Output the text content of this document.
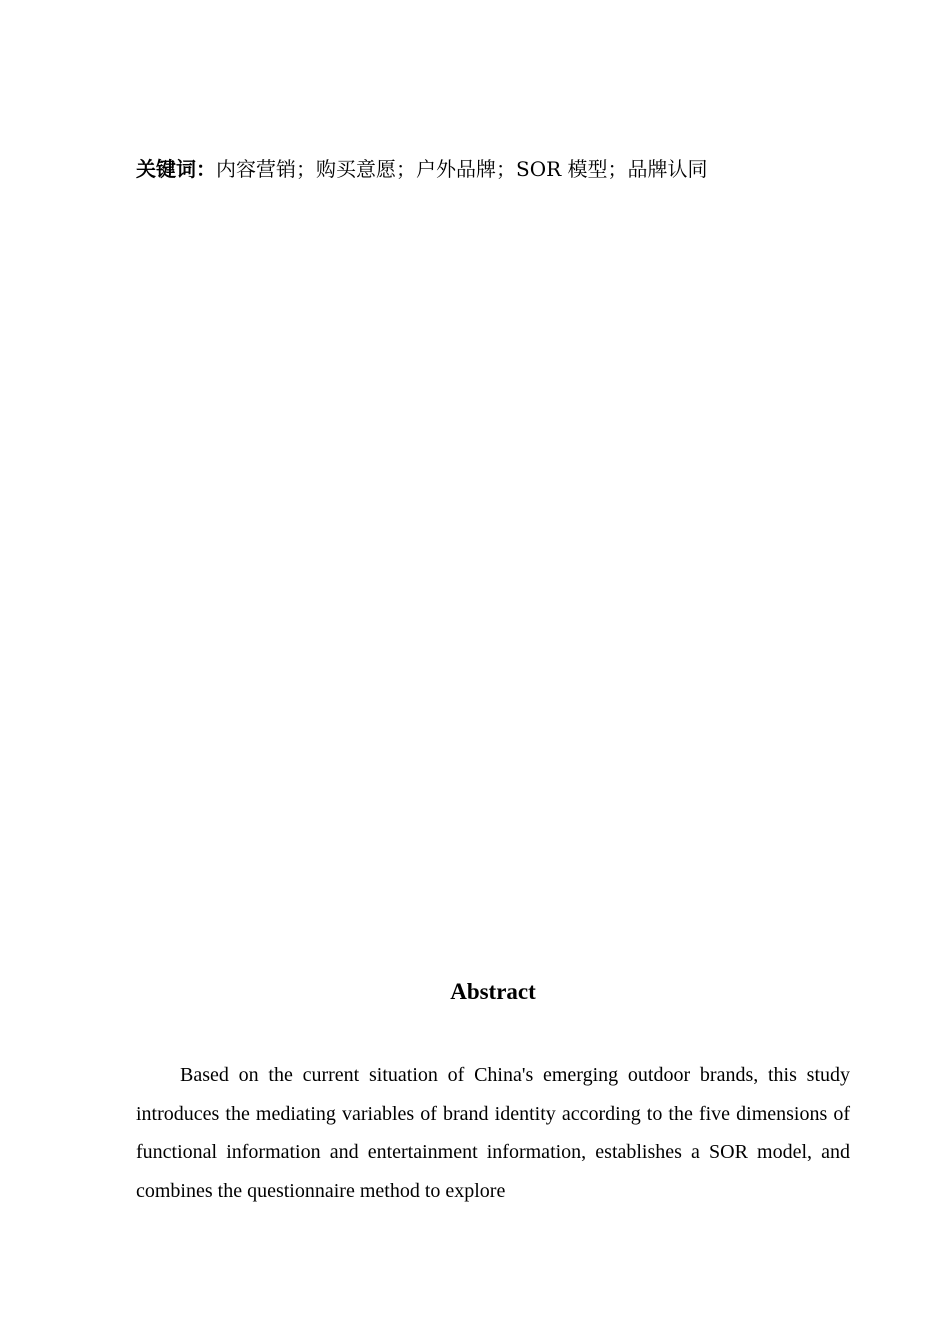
关键词：内容营销；购买意愿；户外品牌；SOR 模型；品牌认同
Abstract

Based on the current situation of China's emerging outdoor brands, this study introduces the mediating variables of brand identity according to the five dimensions of functional information and entertainment information, establishes a SOR model, and combines the questionnaire method to explore
